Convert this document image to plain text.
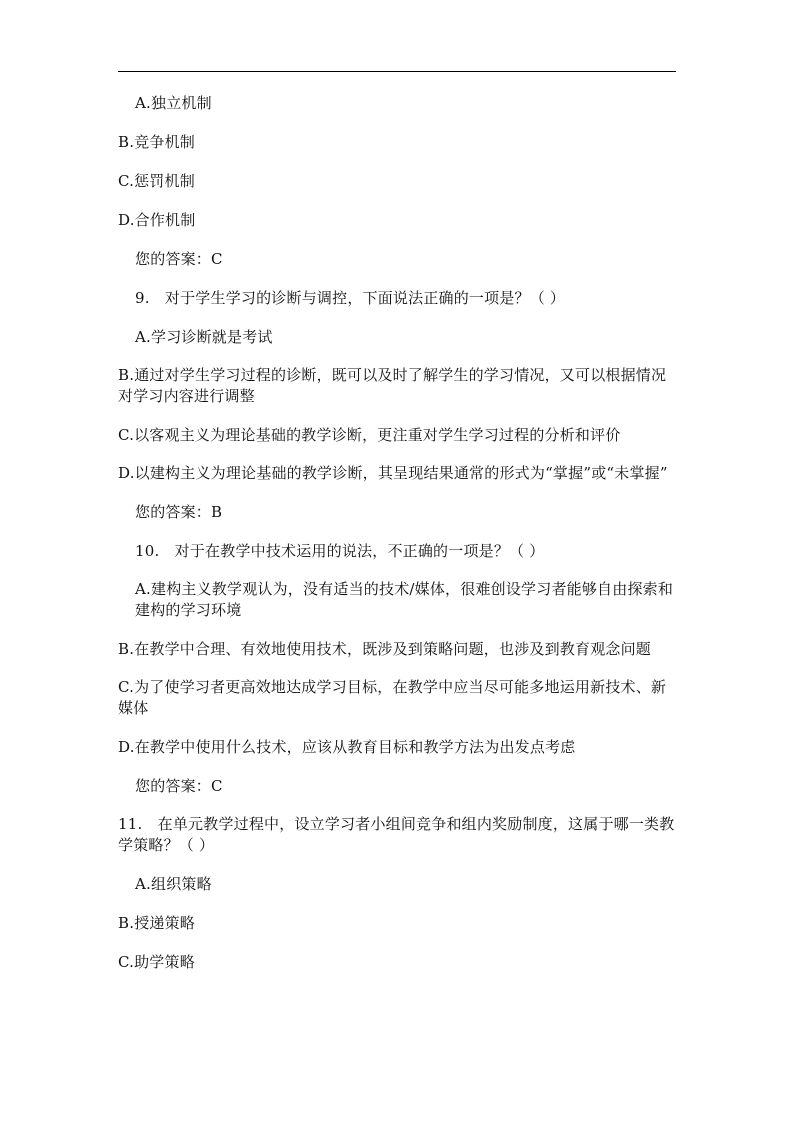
A.独立机制

B.竞争机制

C.惩罚机制

D.合作机制

您的答案：C

9.　对于学生学习的诊断与调控，下面说法正确的一项是？（ ）

A.学习诊断就是考试

B.通过对学生学习过程的诊断，既可以及时了解学生的学习情况，又可以根据情况对学习内容进行调整

C.以客观主义为理论基础的教学诊断，更注重对学生学习过程的分析和评价

D.以建构主义为理论基础的教学诊断，其呈现结果通常的形式为“掌握”或“未掌握”

您的答案：B

10.　对于在教学中技术运用的说法，不正确的一项是？（ ）

A.建构主义教学观认为，没有适当的技术/媒体，很难创设学习者能够自由探索和建构的学习环境

B.在教学中合理、有效地使用技术，既涉及到策略问题，也涉及到教育观念问题

C.为了使学习者更高效地达成学习目标，在教学中应当尽可能多地运用新技术、新媒体

D.在教学中使用什么技术，应该从教育目标和教学方法为出发点考虑

您的答案：C

11.　在单元教学过程中，设立学习者小组间竞争和组内奖励制度，这属于哪一类教学策略？（ ）

A.组织策略

B.授递策略

C.助学策略
